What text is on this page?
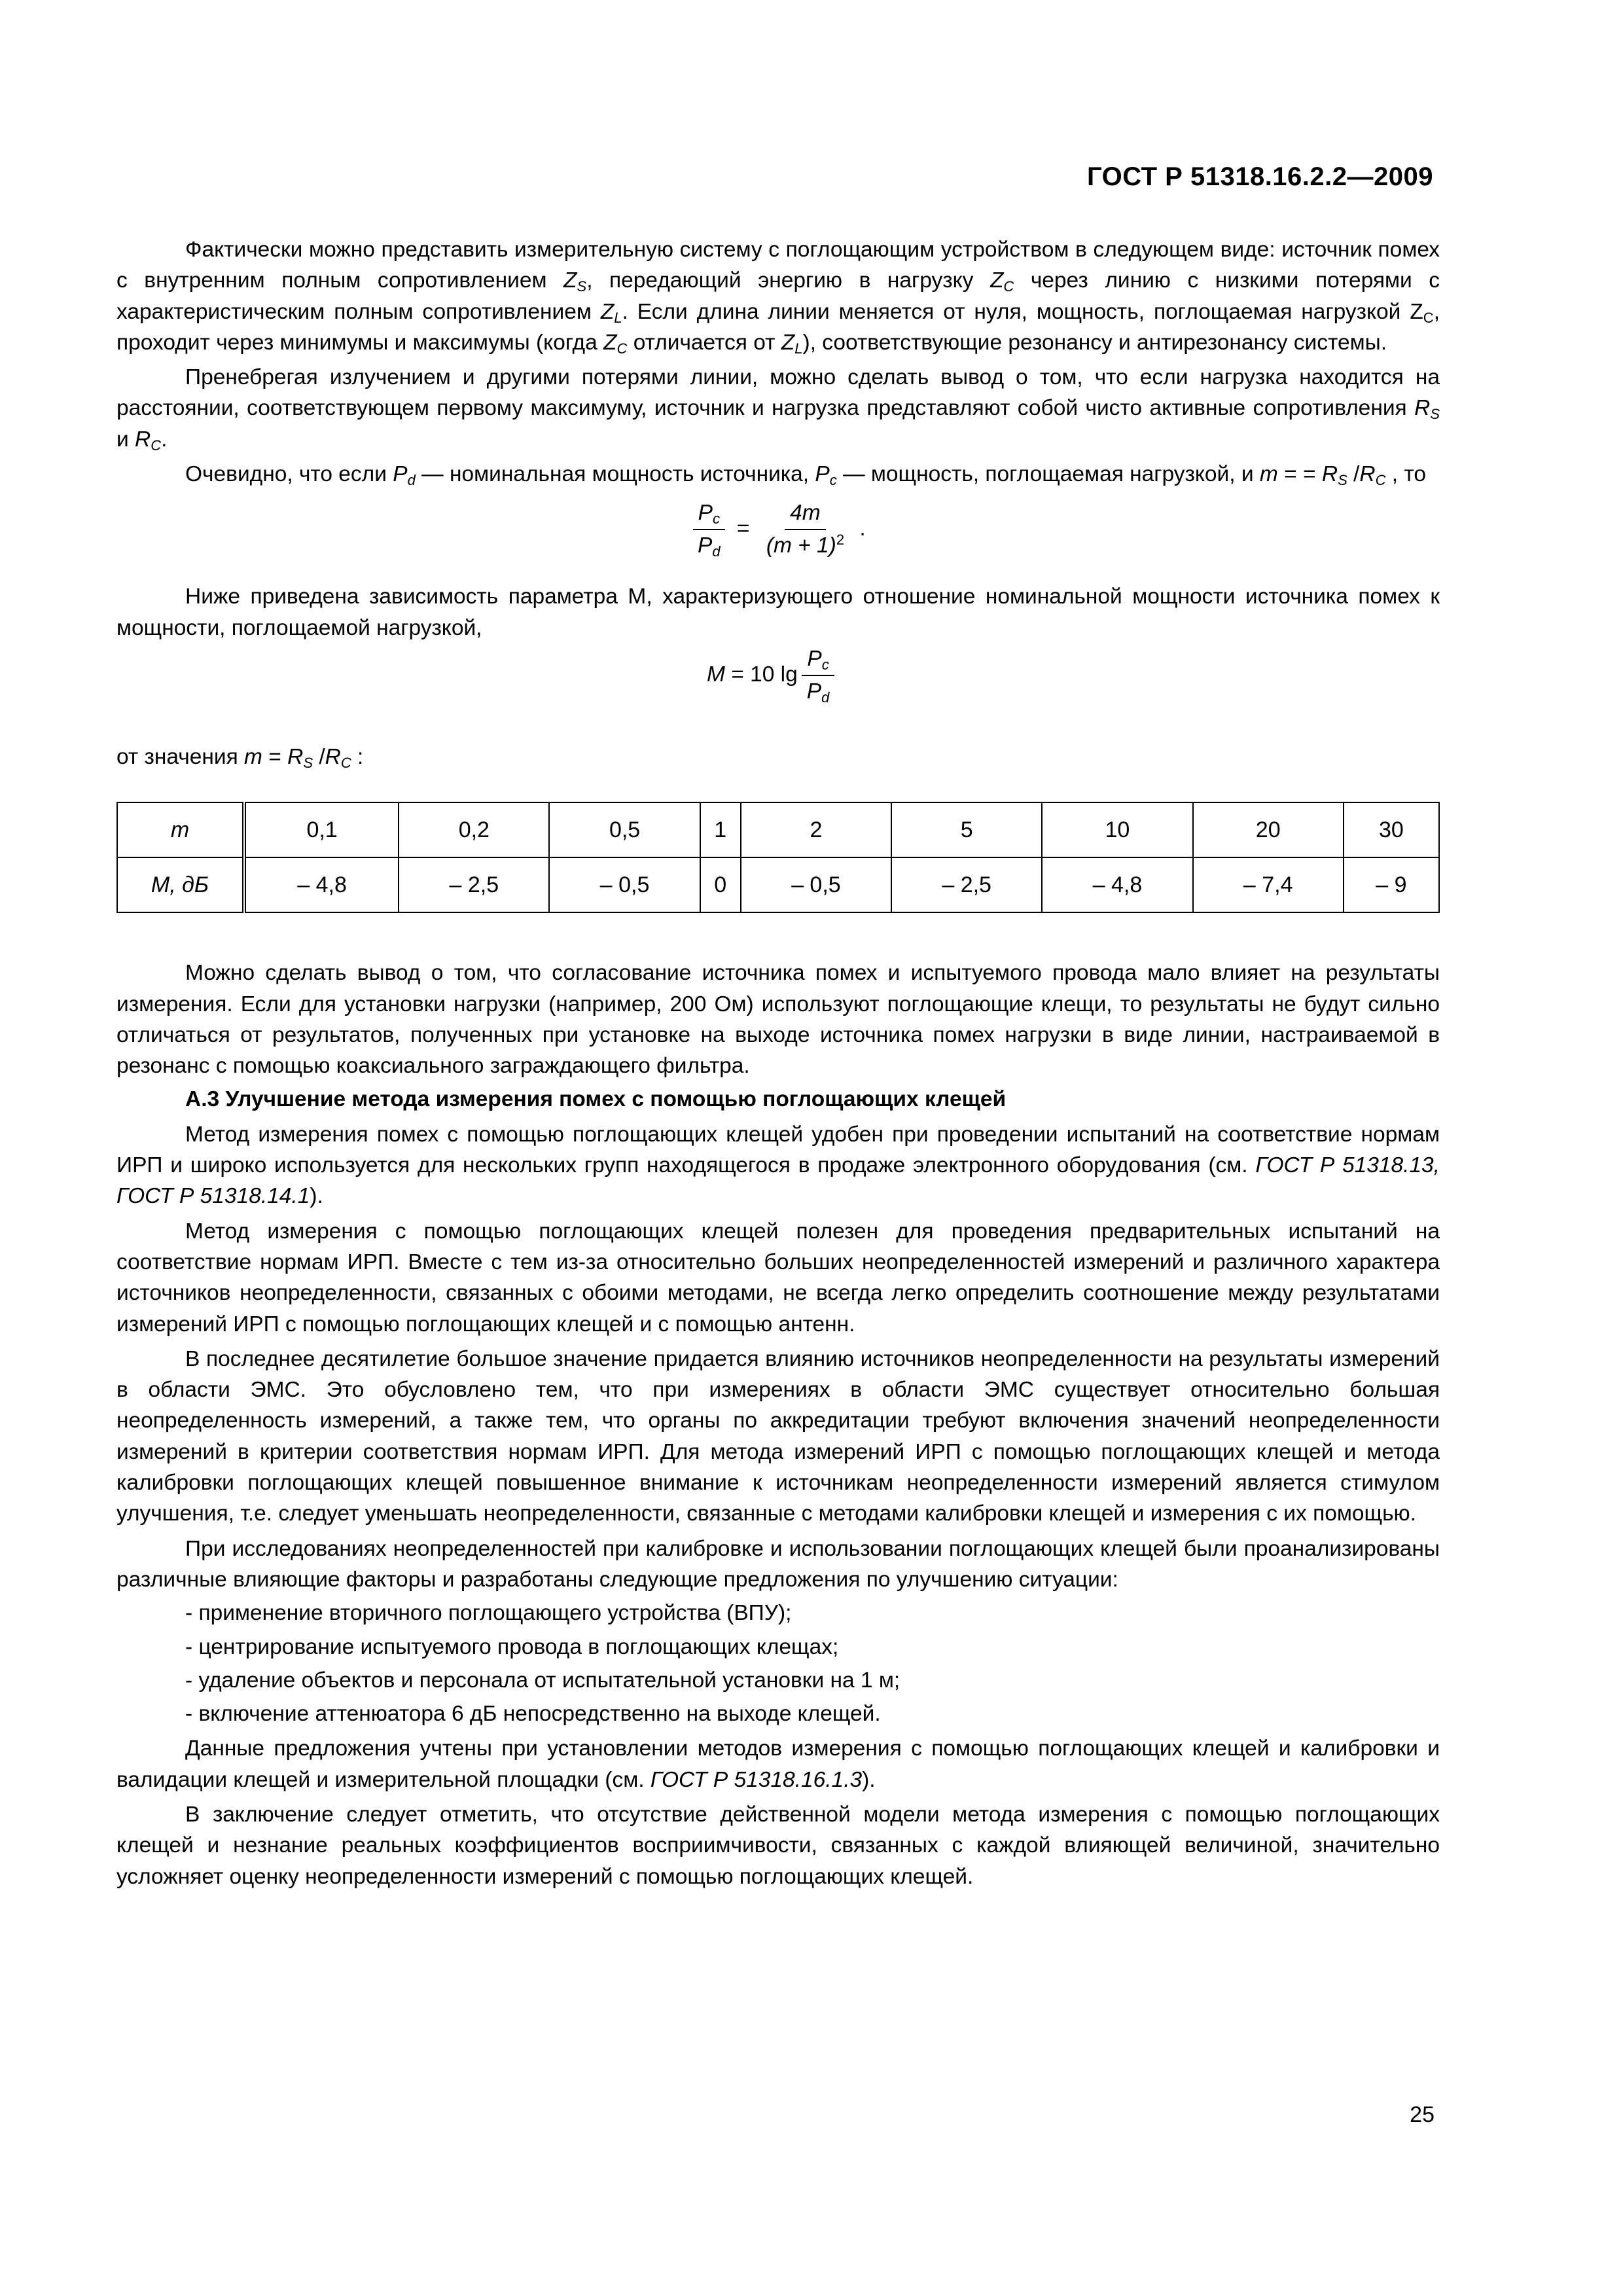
ГОСТ Р 51318.16.2.2—2009

Фактически можно представить измерительную систему с поглощающим устройством в следующем виде: источник помех с внутренним полным сопротивлением $Z_S$, передающий энергию в нагрузку $Z_C$ через линию с низкими потерями с характеристическим полным сопротивлением $Z_L$. Если длина линии меняется от нуля, мощность, поглощаемая нагрузкой $Z_C$, проходит через минимумы и максимумы (когда $Z_C$ отличается от $Z_L$), соответствующие резонансу и антирезонансу системы.

Пренебрегая излучением и другими потерями линии, можно сделать вывод о том, что если нагрузка находится на расстоянии, соответствующем первому максимуму, источник и нагрузка представляют собой чисто активные сопротивления $R_S$ и $R_C$.

Очевидно, что если $P_d$ — номинальная мощность источника, $P_c$ — мощность, поглощаемая нагрузкой, и m = = $R_S$ $/R_C$ , то

$\frac{P_c}{P_d} = \frac{4m}{(m + 1)^2}$ .

Ниже приведена зависимость параметра M, характеризующего отношение номинальной мощности источника помех к мощности, поглощаемой нагрузкой,

M = 10 $\lg \frac{P_c}{P_d}$

от значения $m = R_S$ $/R_C$ :

m	0,1	0,2	0,5	1	2	5	10	20	30
M, дБ	– 4,8	– 2,5	– 0,5	0	– 0,5	– 2,5	– 4,8	– 7,4	– 9

Можно сделать вывод о том, что согласование источника помех и испытуемого провода мало влияет на результаты измерения. Если для установки нагрузки (например, 200 Ом) используют поглощающие клещи, то результаты не будут сильно отличаться от результатов, полученных при установке на выходе источника помех нагрузки в виде линии, настраиваемой в резонанс с помощью коаксиального заграждающего фильтра.

А.3 Улучшение метода измерения помех с помощью поглощающих клещей

Метод измерения помех с помощью поглощающих клещей удобен при проведении испытаний на соответствие нормам ИРП и широко используется для нескольких групп находящегося в продаже электронного оборудования (см. ГОСТ Р 51318.13, ГОСТ Р 51318.14.1).

Метод измерения с помощью поглощающих клещей полезен для проведения предварительных испытаний на соответствие нормам ИРП. Вместе с тем из-за относительно больших неопределенностей измерений и различного характера источников неопределенности, связанных с обоими методами, не всегда легко определить соотношение между результатами измерений ИРП с помощью поглощающих клещей и с помощью антенн.

В последнее десятилетие большое значение придается влиянию источников неопределенности на результаты измерений в области ЭМС. Это обусловлено тем, что при измерениях в области ЭМС существует относительно большая неопределенность измерений, а также тем, что органы по аккредитации требуют включения значений неопределенности измерений в критерии соответствия нормам ИРП. Для метода измерений ИРП с помощью поглощающих клещей и метода калибровки поглощающих клещей повышенное внимание к источникам неопределенности измерений является стимулом улучшения, т.е. следует уменьшать неопределенности, связанные с методами калибровки клещей и измерения с их помощью.

При исследованиях неопределенностей при калибровке и использовании поглощающих клещей были проанализированы различные влияющие факторы и разработаны следующие предложения по улучшению ситуации:

- применение вторичного поглощающего устройства (ВПУ);

- центрирование испытуемого провода в поглощающих клещах;

- удаление объектов и персонала от испытательной установки на 1 м;

- включение аттенюатора 6 дБ непосредственно на выходе клещей.

Данные предложения учтены при установлении методов измерения с помощью поглощающих клещей и калибровки и валидации клещей и измерительной площадки (см. ГОСТ Р 51318.16.1.3).

В заключение следует отметить, что отсутствие действенной модели метода измерения с помощью поглощающих клещей и незнание реальных коэффициентов восприимчивости, связанных с каждой влияющей величиной, значительно усложняет оценку неопределенности измерений с помощью поглощающих клещей.

25
